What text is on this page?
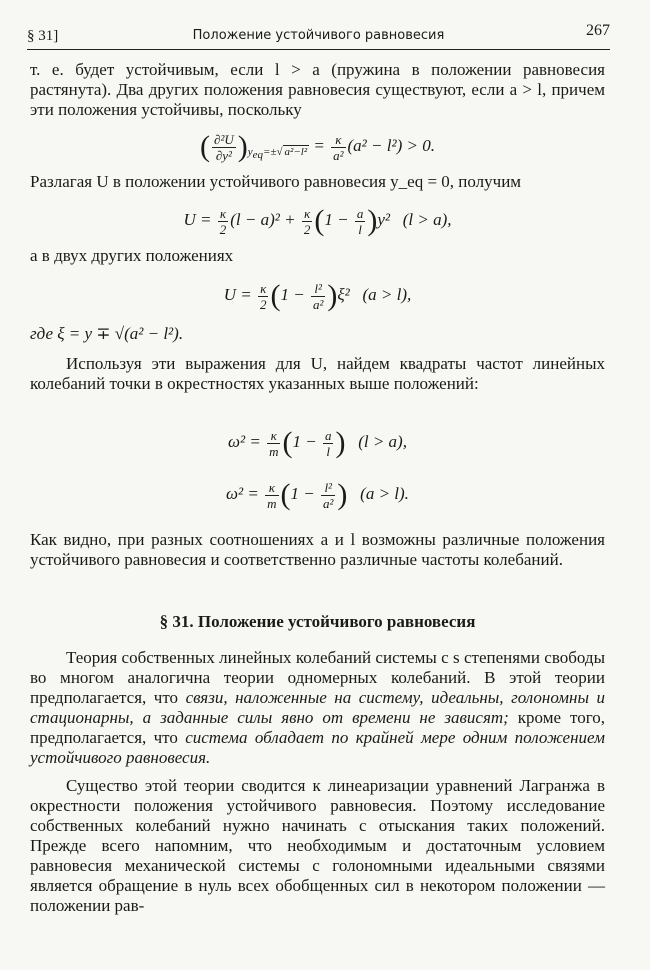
§ 31]	Положение устойчивого равновесия	267

т. е. будет устойчивым, если l > a (пружина в положении равновесия растянута). Два других положения равновесия существуют, если a > l, причем эти положения устойчивы, поскольку

( $\frac{\text{∂²U}}{\text{∂y²}} )_{y_{eq}=\pm√ a^2-l^2} = \frac{\kappa}{\text{a²}} (a^2 - l^2) > 0$.

Разлагая U в положении устойчивого равновесия y_eq = 0, получим

$U = \frac{\kappa}{2} (l - a)^2 + \frac{\kappa}{2} (1 - \frac{a}{l} )y^2$   (l > a),

а в двух других положениях

$U = \frac{\kappa}{2} (1 - \frac{\text{l²}}{\text{a²}} )\xi^2$   (a > l),

где ξ = y ∓ √(a² − l²).

Используя эти выражения для U, найдем квадраты частот линейных колебаний точки в окрестностях указанных выше положений:

$\omega^2 = \frac{\kappa}{m} (1 - \frac{a}{l}$ )   (l > a),
$\omega^2 = \frac{\kappa}{m} (1 - \frac{\text{l²}}{\text{a²}}$ )   (a > l).

Как видно, при разных соотношениях a и l возможны различные положения устойчивого равновесия и соответственно различные частоты колебаний.

§ 31. Положение устойчивого равновесия

Теория собственных линейных колебаний системы с s степенями свободы во многом аналогична теории одномерных колебаний. В этой теории предполагается, что связи, наложенные на систему, идеальны, голономны и стационарны, а заданные силы явно от времени не зависят; кроме того, предполагается, что система обладает по крайней мере одним положением устойчивого равновесия.

Существо этой теории сводится к линеаризации уравнений Лагранжа в окрестности положения устойчивого равновесия. Поэтому исследование собственных колебаний нужно начинать с отыскания таких положений. Прежде всего напомним, что необходимым и достаточным условием равновесия механической системы с голономными идеальными связями является обращение в нуль всех обобщенных сил в некотором положении — положении рав-
